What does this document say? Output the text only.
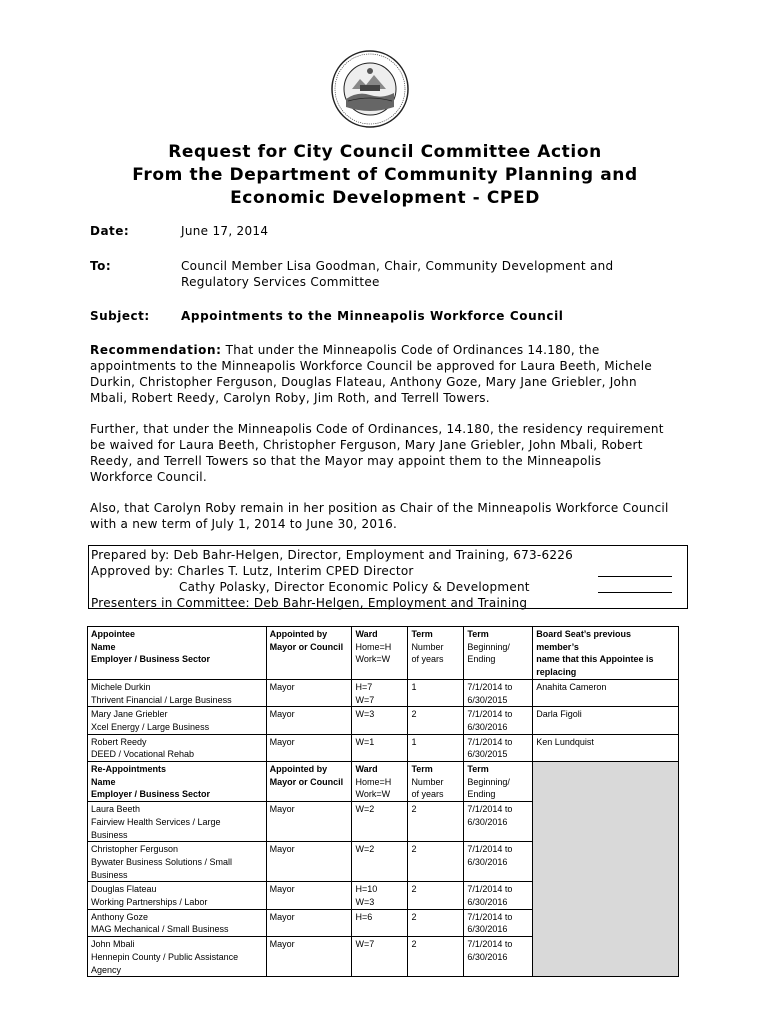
Request for City Council Committee Action
From the Department of Community Planning and
Economic Development - CPED
Date:	June 17, 2014
To:	Council Member Lisa Goodman, Chair, Community Development and
Regulatory Services Committee
Subject:	Appointments to the Minneapolis Workforce Council
Recommendation: That under the Minneapolis Code of Ordinances 14.180, the
appointments to the Minneapolis Workforce Council be approved for Laura Beeth, Michele
Durkin, Christopher Ferguson, Douglas Flateau, Anthony Goze, Mary Jane Griebler, John
Mbali, Robert Reedy, Carolyn Roby, Jim Roth, and Terrell Towers.
Further, that under the Minneapolis Code of Ordinances, 14.180, the residency requirement
be waived for Laura Beeth, Christopher Ferguson, Mary Jane Griebler, John Mbali, Robert
Reedy, and Terrell Towers so that the Mayor may appoint them to the Minneapolis
Workforce Council.
Also, that Carolyn Roby remain in her position as Chair of the Minneapolis Workforce Council
with a new term of July 1, 2014 to June 30, 2016.
Prepared by: Deb Bahr-Helgen, Director, Employment and Training, 673-6226
Approved by: Charles T. Lutz, Interim CPED Director
Cathy Polasky, Director Economic Policy & Development
Presenters in Committee: Deb Bahr-Helgen, Employment and Training
Appointee
Name
Employer / Business Sector	Appointed by
Mayor or Council	Ward
Home=H
Work=W	Term
Number
of years	Term
Beginning/
Ending	Board Seat’s previous member’s
name that this Appointee is
replacing

Michele Durkin
Thrivent Financial / Large Business	Mayor	H=7
W=7	1	7/1/2014 to
6/30/2015	Anahita Cameron

Mary Jane Griebler
Xcel Energy / Large Business	Mayor	W=3	2	7/1/2014 to
6/30/2016	Darla Figoli

Robert Reedy
DEED / Vocational Rehab	Mayor	W=1	1	7/1/2014 to
6/30/2015	Ken Lundquist

Re-Appointments
Name
Employer / Business Sector	Appointed by
Mayor or Council	Ward
Home=H
Work=W	Term
Number
of years	Term
Beginning/
Ending	

Laura Beeth
Fairview Health Services / Large
Business	Mayor	W=2	2	7/1/2014 to
6/30/2016	

Christopher Ferguson
Bywater Business Solutions / Small
Business	Mayor	W=2	2	7/1/2014 to
6/30/2016	

Douglas Flateau
Working Partnerships / Labor	Mayor	H=10
W=3	2	7/1/2014 to
6/30/2016	

Anthony Goze
MAG Mechanical / Small Business	Mayor	H=6	2	7/1/2014 to
6/30/2016	

John Mbali
Hennepin County / Public Assistance
Agency	Mayor	W=7	2	7/1/2014 to
6/30/2016	
